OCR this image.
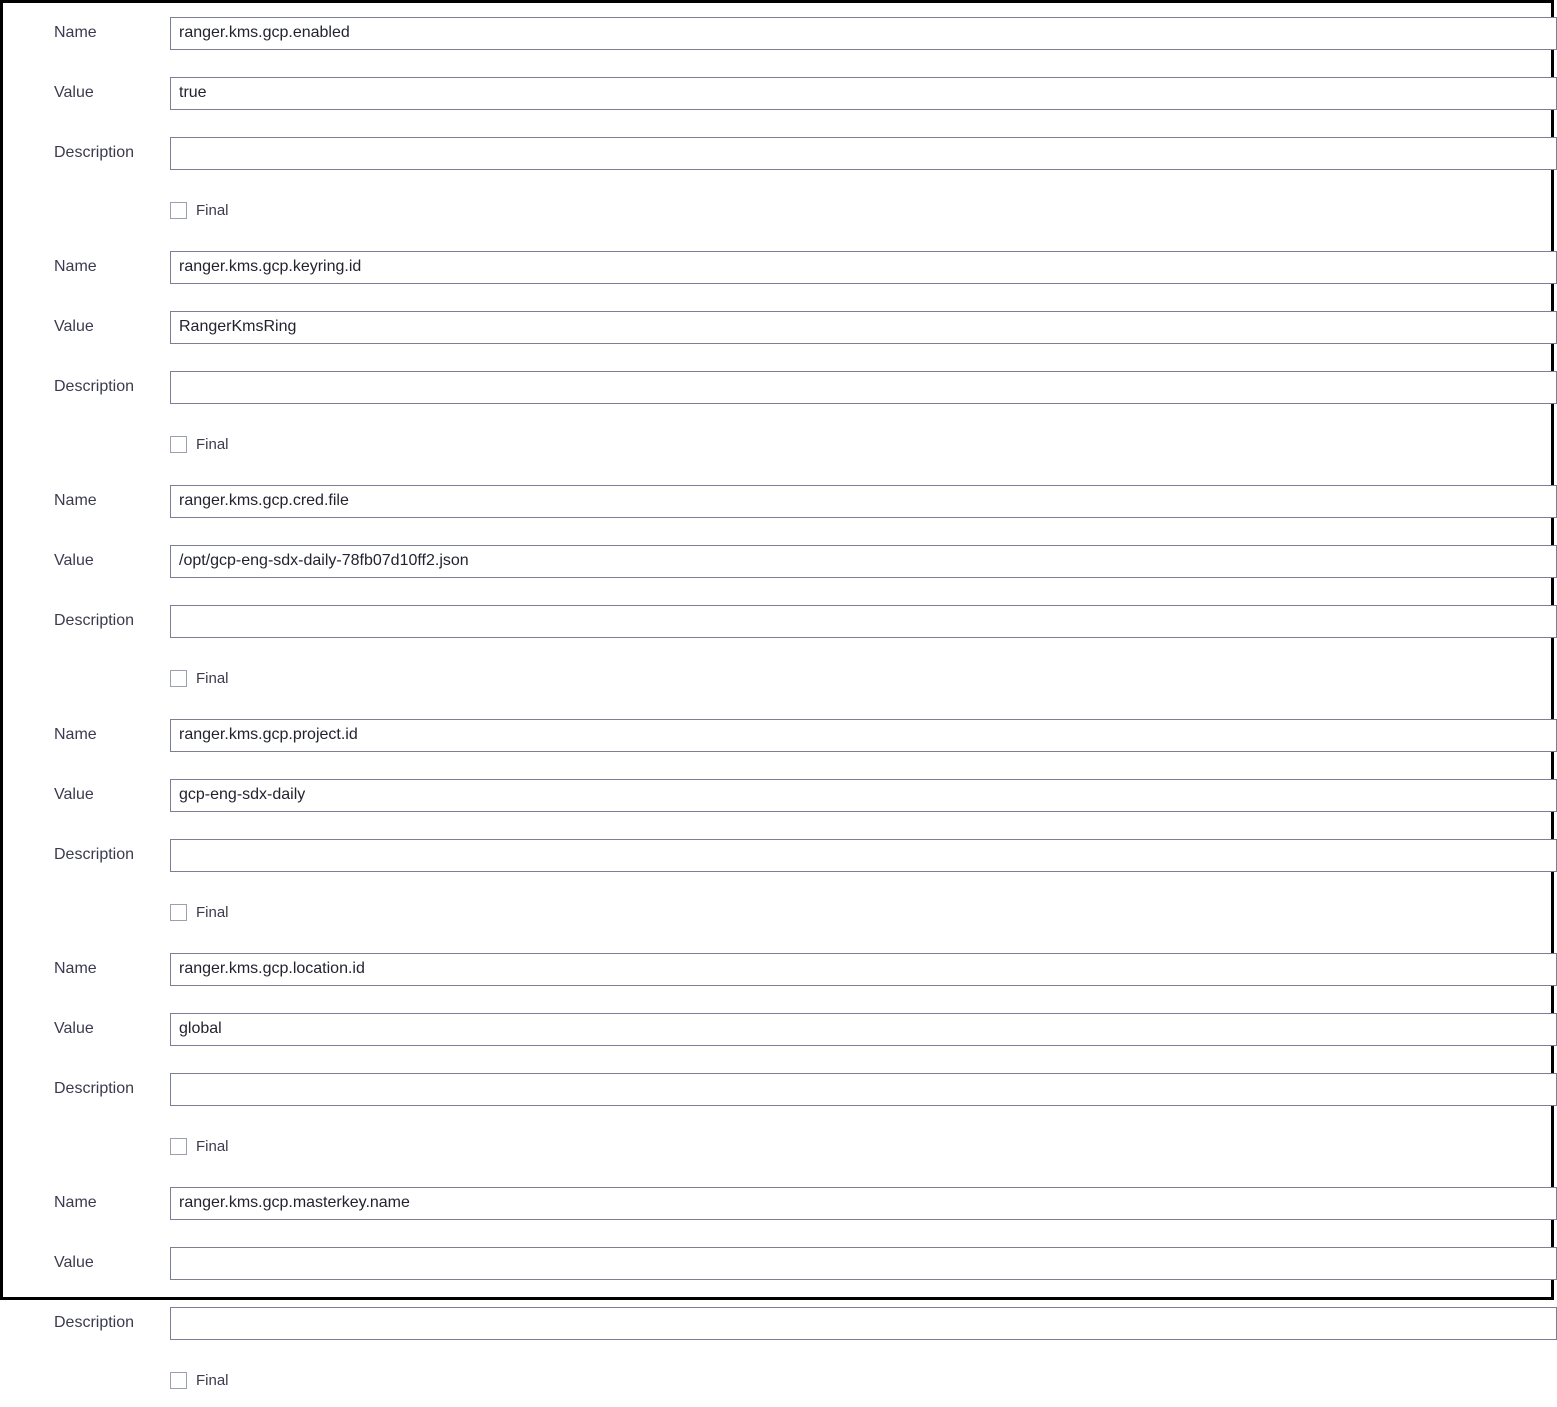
Name
ranger.kms.gcp.enabled
Value
true
Description
Final
Name
ranger.kms.gcp.keyring.id
Value
RangerKmsRing
Description
Final
Name
ranger.kms.gcp.cred.file
Value
/opt/gcp-eng-sdx-daily-78fb07d10ff2.json
Description
Final
Name
ranger.kms.gcp.project.id
Value
gcp-eng-sdx-daily
Description
Final
Name
ranger.kms.gcp.location.id
Value
global
Description
Final
Name
ranger.kms.gcp.masterkey.name
Value
Description
Final
